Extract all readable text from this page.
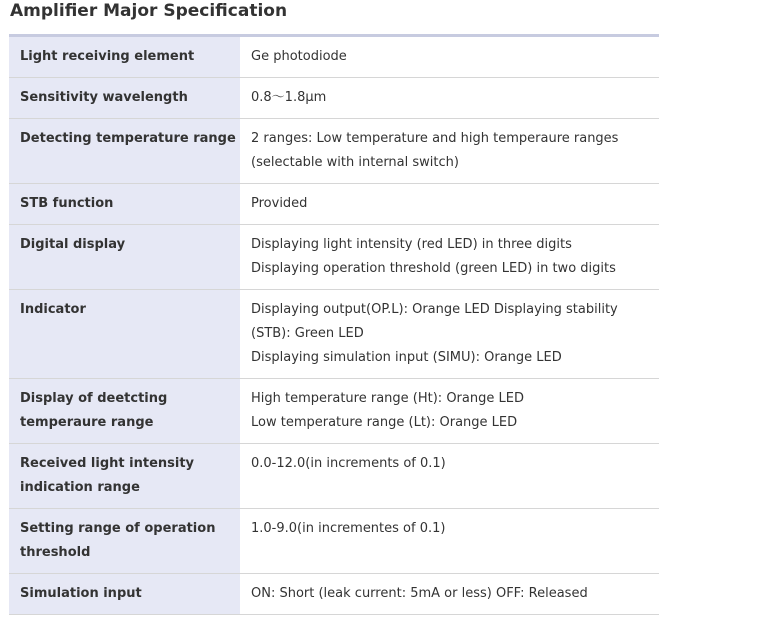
Amplifier Major Specification
Light receiving element	Ge photodiode

Sensitivity wavelength	0.8～1.8μm

Detecting temperature range	2 ranges: Low temperature and high temperaure ranges
(selectable with internal switch)

STB function	Provided

Digital display	Displaying light intensity (red LED) in three digits
Displaying operation threshold (green LED) in two digits

Indicator	Displaying output(OP.L): Orange LED Displaying stability
(STB): Green LED
Displaying simulation input (SIMU): Orange LED

Display of deetcting
temperaure range	High temperature range (Ht): Orange LED
Low temperature range (Lt): Orange LED

Received light intensity
indication range	0.0-12.0(in increments of 0.1)

Setting range of operation
threshold	1.0-9.0(in incrementes of 0.1)

Simulation input	ON: Short (leak current: 5mA or less) OFF: Released
